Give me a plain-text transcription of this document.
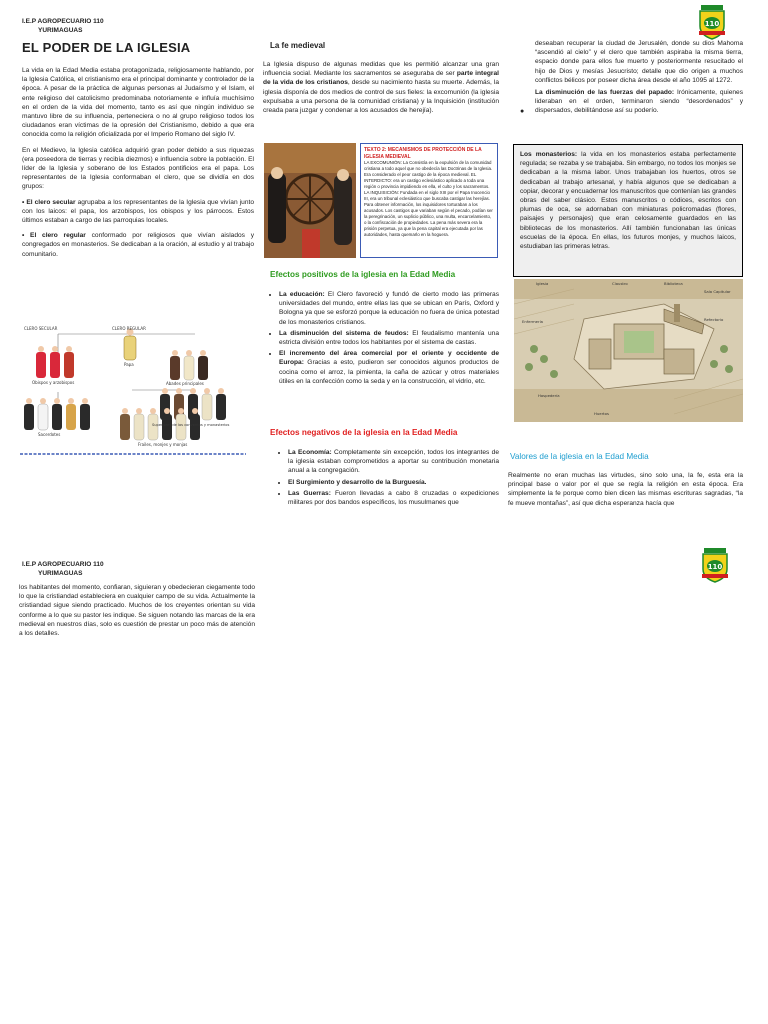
I.E.P AGROPECUARIO 110
YURIMAGUAS
110
EL PODER DE LA IGLESIA

La vida en la Edad Media estaba protagonizada, religiosamente hablando, por la Iglesia Católica, el cristianismo era el principal dominante y controlador de la época. A pesar de la práctica de algunas personas al Judaísmo y el Islam, el ente religioso del catolicismo predominaba notoriamente e influía muchísimo en el orden de la vida del momento, tanto es así que ningún individuo se mantuvo libre de su influencia, perteneciera o no al grupo religioso todos los ciudadanos eran víctimas de la opresión del Cristianismo, debido a que era conocida como la religión oficializada por el Imperio Romano del siglo IV.

En el Medievo, la Iglesia católica adquirió gran poder debido a sus riquezas (era poseedora de tierras y recibía diezmos) e influencia sobre la población. El líder de la Iglesia y soberano de los Estados pontificios era el papa. Los representantes de la Iglesia conformaban el clero, que se dividía en dos grupos:

• El clero secular agrupaba a los representantes de la Iglesia que vivían junto con los laicos: el papa, los arzobispos, los obispos y los párrocos. Estos últimos estaban a cargo de las parroquias locales.

• El clero regular conformado por religiosos que vivían aislados y congregados en monasterios. Se dedicaban a la oración, al estudio y al trabajo comunitario.

CLERO SECULAR	CLERO REGULAR
Papa
Obispos y arzobispos	Abades principales
Sacerdotes
Superiores de los conventos y monasterios
Frailes, monjes y monjas
La fe medieval

La Iglesia dispuso de algunas medidas que les permitió alcanzar una gran influencia social. Mediante los sacramentos se aseguraba de ser parte integral de la vida de los cristianos, desde su nacimiento hasta su muerte. Además, la iglesia disponía de dos medios de control de sus fieles: la excomunión (la iglesia expulsaba a una persona de la comunidad cristiana) y la Inquisición (institución creada para juzgar y condenar a los acusados de herejía).

TEXTO 2: MECANISMOS DE PROTECCIÓN DE LA IGLESIA MEDIEVAL
LA EXCOMUNIÓN: La Consistía en la expulsión de la comunidad cristiana a todo aquel que no obedecía las Doctrinas de la Iglesia. Era considerado el peor castigo de la época medieval. EL INTERDICTO: era un castigo eclesiástico aplicado a toda una región o provincia impidiendo en ella, el culto y los sacramentos. LA INQUISICIÓN: Fundada en el siglo XIII por el Papa Inocencio III, era un tribunal eclesiástico que buscaba castigar las herejías. Para obtener información, los inquisidores torturaban a los acusados. Los castigos que variaban según el pecado, podían ser la peregrinación, un suplicio público, una multa, encarcelamiento, o la confiscación de propiedades. La pena más severa era la prisión perpetua, ya que la pena capital era ejecutada por las autoridades, hasta quemarlo en la hoguera.
Efectos positivos de la iglesia en la Edad Media
• La educación: El Clero favoreció y fundó de cierto modo las primeras universidades del mundo, entre ellas las que se ubican en París, Oxford y Bologna ya que se esforzó porque la educación no fuera de única potestad de los monasterios cristianos.
• La disminución del sistema de feudos: El feudalismo mantenía una estricta división entre todos los habitantes por el sistema de castas.
• El incremento del área comercial por el oriente y occidente de Europa: Gracias a esto, pudieron ser conocidos algunos productos de cocina como el arroz, la pimienta, la caña de azúcar y otros materiales útiles en la confección como la seda y en la construcción, el vidrio, etc.
Efectos negativos de la iglesia en la Edad Media
• La Economía: Completamente sin excepción, todos los integrantes de la iglesia estaban comprometidos a aportar su contribución monetaria anual a la congregación.
• El Surgimiento y desarrollo de la Burguesía.
• Las Guerras: Fueron llevadas a cabo 8 cruzadas o expediciones militares por dos bandos específicos, los musulmanes que

deseaban recuperar la ciudad de Jerusalén, donde su dios Mahoma “ascendió al cielo” y el clero que también aspiraba la misma tierra, espacio donde para ellos fue muerto y posteriormente resucitado el hijo de Dios y mesías Jesucristo; detalle que dio origen a muchos conflictos bélicos por poseer dicha área desde el año 1095 al 1272.

La disminución de las fuerzas del papado: Irónicamente, quienes lideraban en el orden, terminaron siendo “desordenados” y dispersados, debilitándose así su poderío.
●
Los monasterios: la vida en los monasterios estaba perfectamente regulada; se rezaba y se trabajaba. Sin embargo, no todos los monjes se dedicaban a la misma labor. Unos trabajaban los huertos, otros se dedicaban al trabajo artesanal, y había algunos que se dedicaban a copiar, decorar y encuadernar los manuscritos que contenían las grandes obras del saber clásico. Estos manuscritos o códices, escritos con plumas de oca, se adornaban con miniaturas policromadas (flores, paisajes y personajes) que eran celosamente guardados en las bibliotecas de los monasterios. Allí también funcionaban las únicas escuelas de la época. En ellas, los futuros monjes, y muchos laicos, estudiaban las primeras letras.
Iglesia	Claustro	Biblioteca
Sala Capitular
Refectorio
Enfermería
Hospedería
Huertos
Valores de la iglesia en la Edad Media

Realmente no eran muchas las virtudes, sino solo una, la fe, esta era la principal base o valor por el que se regía la religión en esta época. Era simplemente la fe porque como bien dicen las mismas escrituras sagradas, “la fe mueve montañas”, así que dicha esperanza hacía que

I.E.P AGROPECUARIO 110
YURIMAGUAS
110

los habitantes del momento, confiaran, siguieran y obedecieran ciegamente todo lo que la cristiandad estableciera en cualquier campo de su vida. Actualmente la cristiandad sigue siendo practicado. Muchos de los creyentes orientan su vida conforme a lo que su pastor les indique. Se siguen notando las marcas de la era medieval en nuestros días, solo es cuestión de prestar un poco más de atención a los detalles.
